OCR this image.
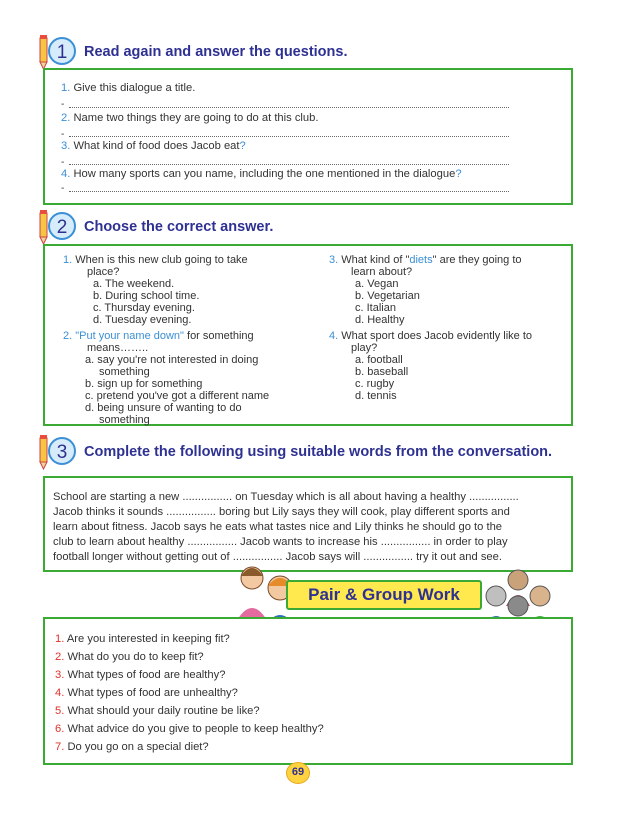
1 Read again and answer the questions.
1. Give this dialogue a title.
-
2. Name two things they are going to do at this club.
-
3. What kind of food does Jacob eat?
-
4. How many sports can you name, including the one mentioned in the dialogue?
-
2 Choose the correct answer.
1. When is this new club going to take
place?
a. The weekend.
b. During school time.
c. Thursday evening.
d. Tuesday evening.
2. "Put your name down" for something
means……..
a. say you're not interested in doing
something
b. sign up for something
c. pretend you've got a different name
d. being unsure of wanting to do
something
3. What kind of "diets" are they going to
learn about?
a. Vegan
b. Vegetarian
c. Italian
d. Healthy
4. What sport does Jacob evidently like to
play?
a. football
b. baseball
c. rugby
d. tennis
3 Complete the following using suitable words from the conversation.
School are starting a new ................ on Tuesday which is all about having a healthy ................
Jacob thinks it sounds ................ boring but Lily says they will cook, play different sports and
learn about fitness. Jacob says he eats what tastes nice and Lily thinks he should go to the
club to learn about healthy ................ Jacob wants to increase his ................ in order to play
football longer without getting out of ................ Jacob says will ................ try it out and see.
Pair & Group Work
1. Are you interested in keeping fit?
2. What do you do to keep fit?
3. What types of food are healthy?
4. What types of food are unhealthy?
5. What should your daily routine be like?
6. What advice do you give to people to keep healthy?
7. Do you go on a special diet?
69
